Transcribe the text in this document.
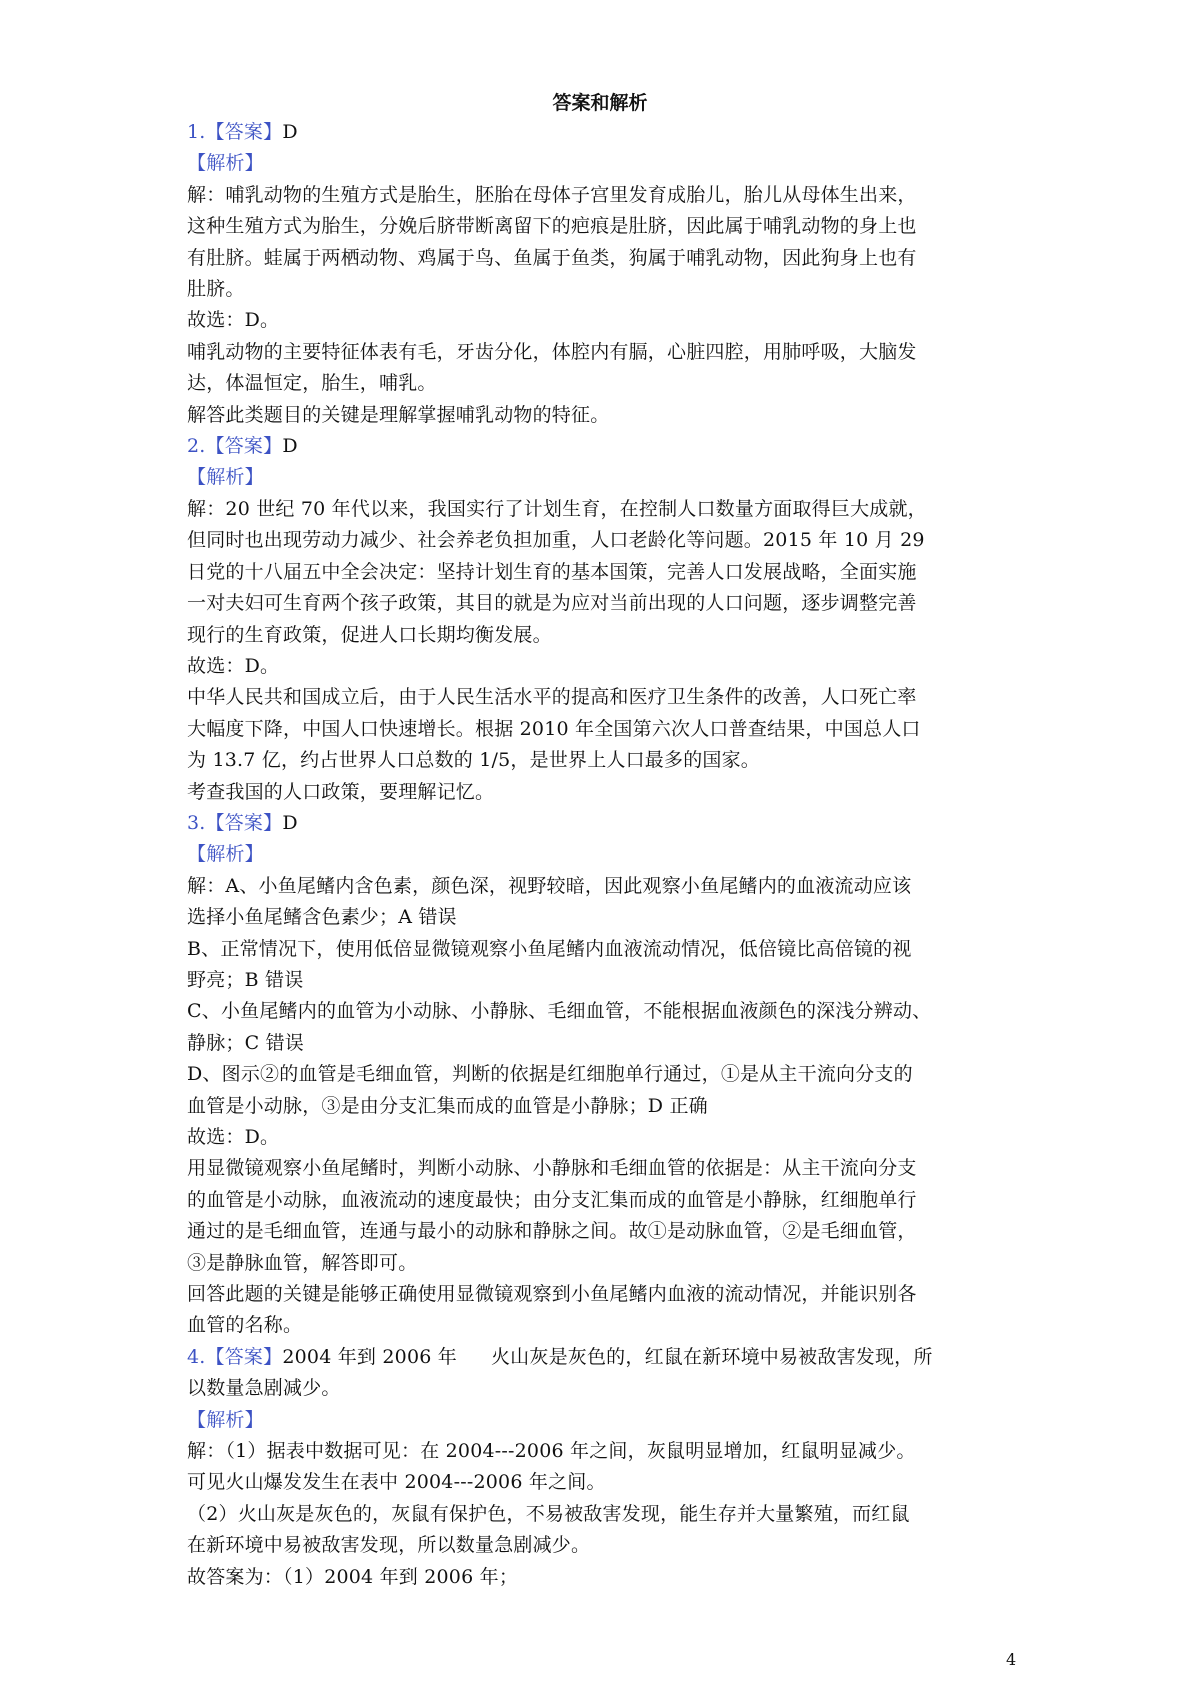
答案和解析
1.【答案】D
【解析】
解：哺乳动物的生殖方式是胎生，胚胎在母体子宫里发育成胎儿，胎儿从母体生出来，
这种生殖方式为胎生，分娩后脐带断离留下的疤痕是肚脐，因此属于哺乳动物的身上也
有肚脐。蛙属于两栖动物、鸡属于鸟、鱼属于鱼类，狗属于哺乳动物，因此狗身上也有
肚脐。
故选：D。
哺乳动物的主要特征体表有毛，牙齿分化，体腔内有膈，心脏四腔，用肺呼吸，大脑发
达，体温恒定，胎生，哺乳。
解答此类题目的关键是理解掌握哺乳动物的特征。
2.【答案】D
【解析】
解：20 世纪 70 年代以来，我国实行了计划生育，在控制人口数量方面取得巨大成就，
但同时也出现劳动力减少、社会养老负担加重，人口老龄化等问题。2015 年 10 月 29
日党的十八届五中全会决定：坚持计划生育的基本国策，完善人口发展战略，全面实施
一对夫妇可生育两个孩子政策，其目的就是为应对当前出现的人口问题，逐步调整完善
现行的生育政策，促进人口长期均衡发展。
故选：D。
中华人民共和国成立后，由于人民生活水平的提高和医疗卫生条件的改善，人口死亡率
大幅度下降，中国人口快速增长。根据 2010 年全国第六次人口普查结果，中国总人口
为 13.7 亿，约占世界人口总数的 1/5，是世界上人口最多的国家。
考查我国的人口政策，要理解记忆。
3.【答案】D
【解析】
解：A、小鱼尾鳍内含色素，颜色深，视野较暗，因此观察小鱼尾鳍内的血液流动应该
选择小鱼尾鳍含色素少；A 错误
B、正常情况下，使用低倍显微镜观察小鱼尾鳍内血液流动情况，低倍镜比高倍镜的视
野亮；B 错误
C、小鱼尾鳍内的血管为小动脉、小静脉、毛细血管，不能根据血液颜色的深浅分辨动、
静脉；C 错误
D、图示②的血管是毛细血管，判断的依据是红细胞单行通过，①是从主干流向分支的
血管是小动脉，③是由分支汇集而成的血管是小静脉；D 正确
故选：D。
用显微镜观察小鱼尾鳍时，判断小动脉、小静脉和毛细血管的依据是：从主干流向分支
的血管是小动脉，血液流动的速度最快；由分支汇集而成的血管是小静脉，红细胞单行
通过的是毛细血管，连通与最小的动脉和静脉之间。故①是动脉血管，②是毛细血管，
③是静脉血管，解答即可。
回答此题的关键是能够正确使用显微镜观察到小鱼尾鳍内血液的流动情况，并能识别各
血管的名称。
4.【答案】2004 年到 2006 年 火山灰是灰色的，红鼠在新环境中易被敌害发现，所
以数量急剧减少。
【解析】
解：（1）据表中数据可见：在 2004---2006 年之间，灰鼠明显增加，红鼠明显减少。
可见火山爆发发生在表中 2004---2006 年之间。
（2）火山灰是灰色的，灰鼠有保护色，不易被敌害发现，能生存并大量繁殖，而红鼠
在新环境中易被敌害发现，所以数量急剧减少。
故答案为：（1）2004 年到 2006 年；
4
